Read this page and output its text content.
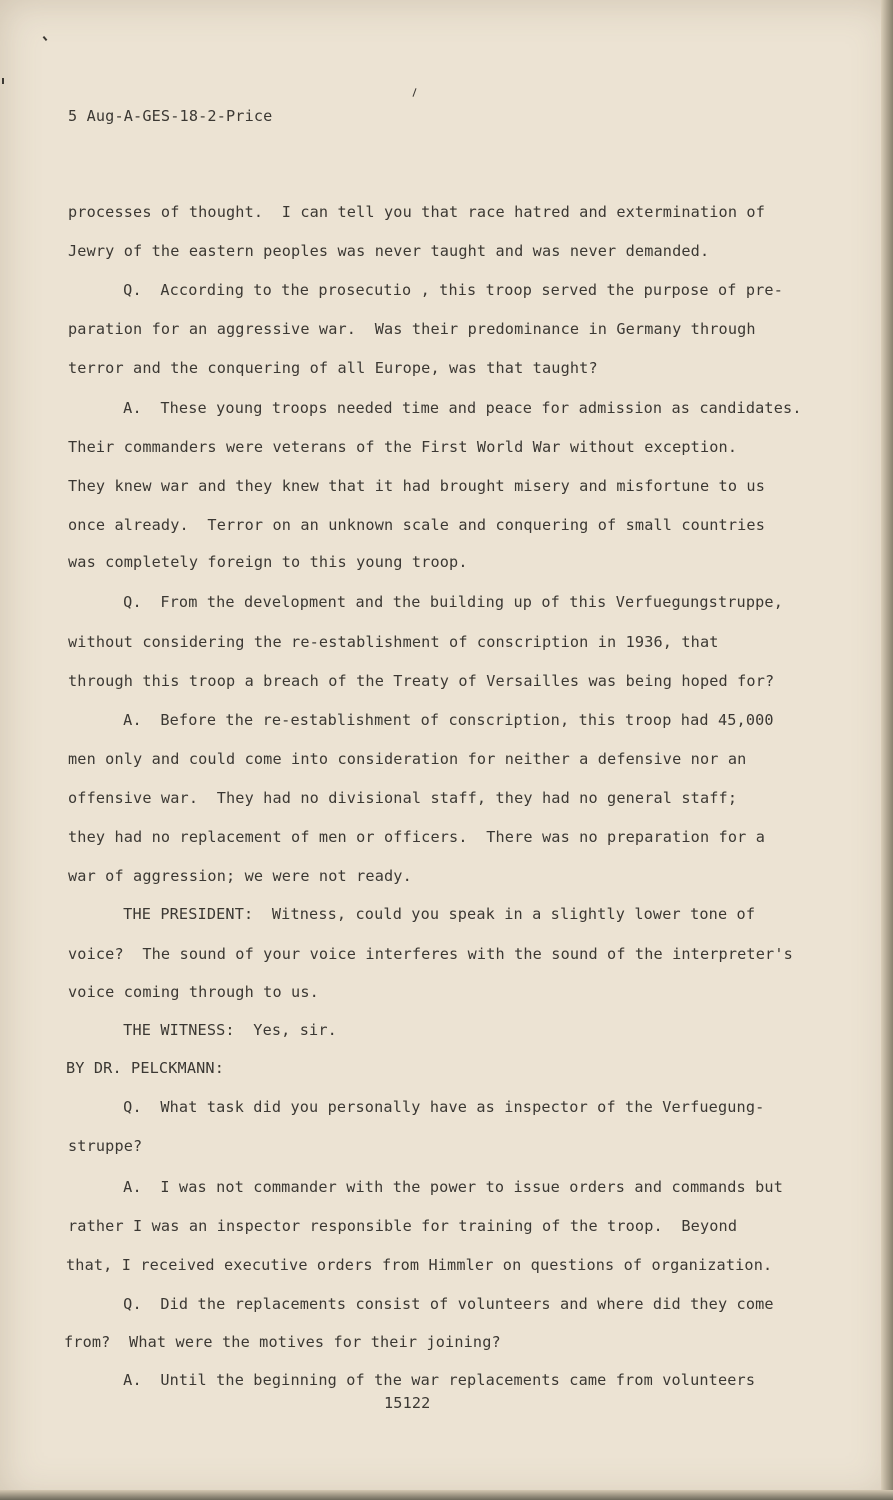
5 Aug-A-GES-18-2-Price

processes of thought.  I can tell you that race hatred and extermination of

Jewry of the eastern peoples was never taught and was never demanded.

Q.  According to the prosecutio , this troop served the purpose of pre-

paration for an aggressive war.  Was their predominance in Germany through

terror and the conquering of all Europe, was that taught?

A.  These young troops needed time and peace for admission as candidates.

Their commanders were veterans of the First World War without exception.

They knew war and they knew that it had brought misery and misfortune to us

once already.  Terror on an unknown scale and conquering of small countries

was completely foreign to this young troop.

Q.  From the development and the building up of this Verfuegungstruppe,

without considering the re-establishment of conscription in 1936, that

through this troop a breach of the Treaty of Versailles was being hoped for?

A.  Before the re-establishment of conscription, this troop had 45,000

men only and could come into consideration for neither a defensive nor an

offensive war.  They had no divisional staff, they had no general staff;

they had no replacement of men or officers.  There was no preparation for a

war of aggression; we were not ready.

THE PRESIDENT:  Witness, could you speak in a slightly lower tone of

voice?  The sound of your voice interferes with the sound of the interpreter's

voice coming through to us.

THE WITNESS:  Yes, sir.

BY DR. PELCKMANN:

Q.  What task did you personally have as inspector of the Verfuegung-

struppe?

A.  I was not commander with the power to issue orders and commands but

rather I was an inspector responsible for training of the troop.  Beyond

that, I received executive orders from Himmler on questions of organization.

Q.  Did the replacements consist of volunteers and where did they come

from?  What were the motives for their joining?

A.  Until the beginning of the war replacements came from volunteers

15122
